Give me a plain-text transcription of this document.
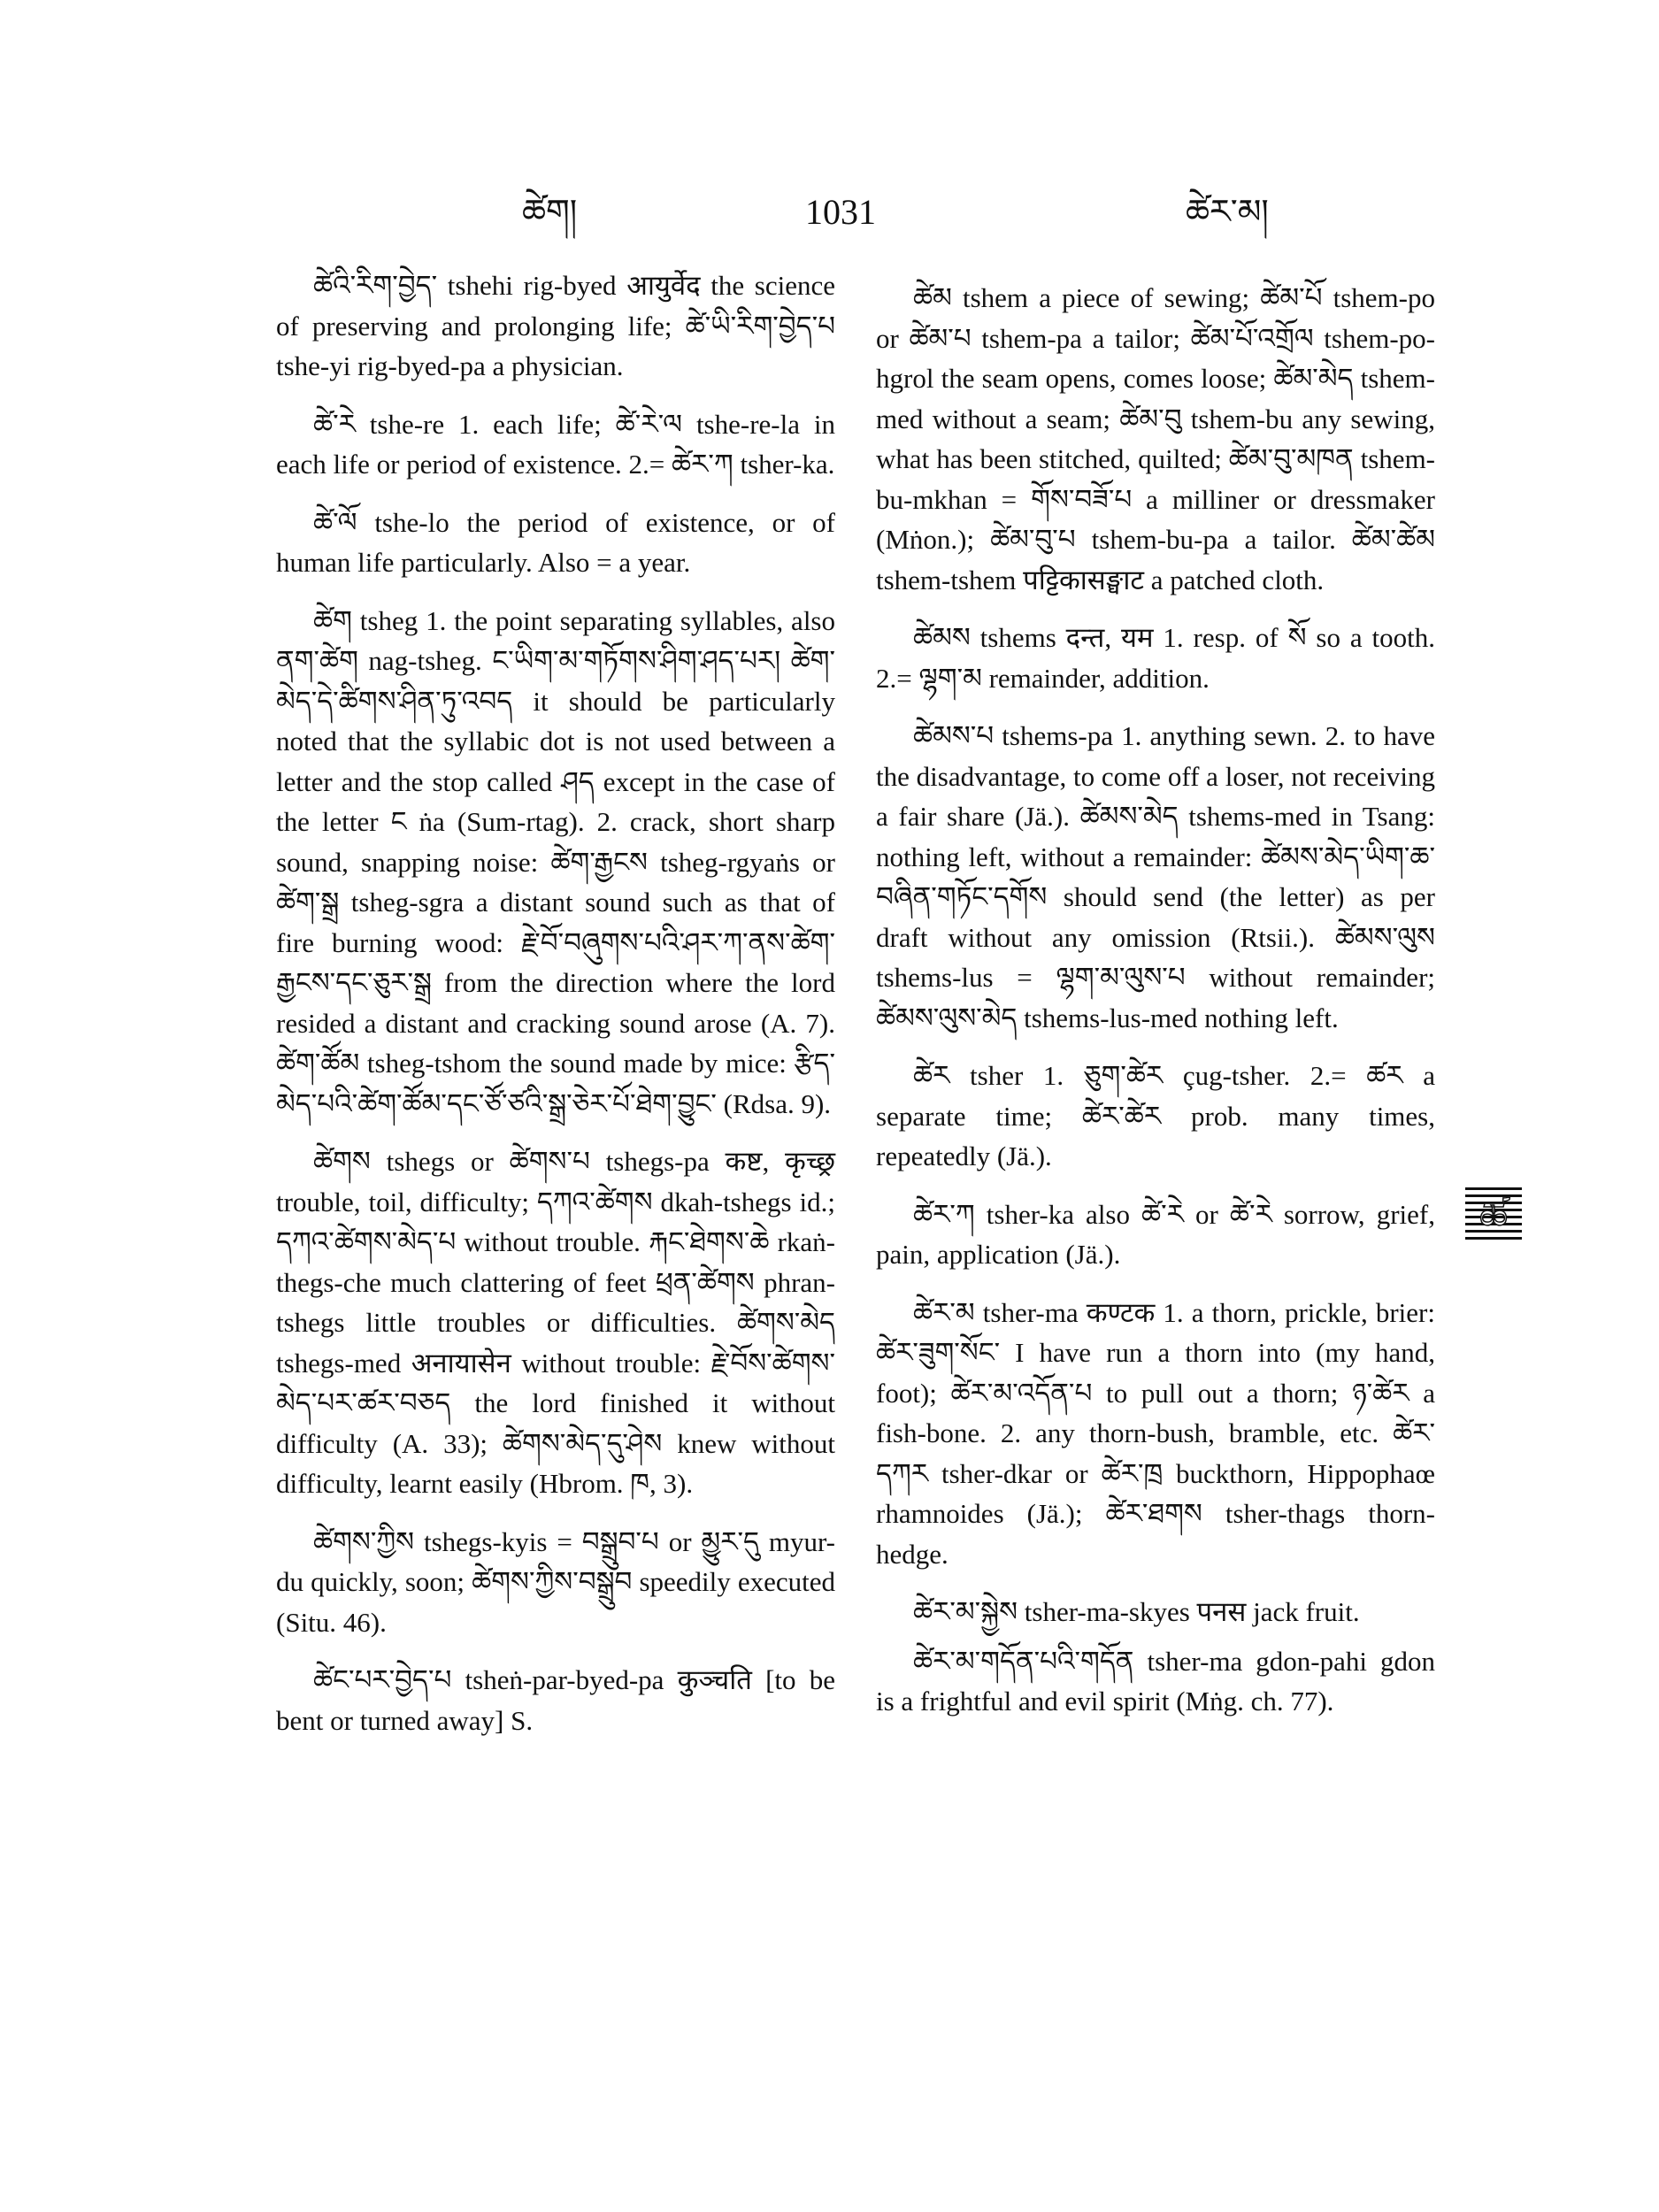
ཚེག།	1031	ཚེར་མ།

ཚེའི་རིག་བྱེད་ tshehi rig-byed आयुर्वेद the science of preserving and prolonging life; ཚེ་ཡི་རིག་བྱེད་པ tshe-yi rig-byed-pa a physician.

ཚེ་རེ tshe-re 1. each life; ཚེ་རེ་ལ tshe-re-la in each life or period of existence. 2.= ཚེར་ཀ tsher-ka.

ཚེ་ལོ tshe-lo the period of existence, or of human life particularly. Also = a year.

ཚེག tsheg 1. the point separating syllables, also ནག་ཚེག nag-tsheg. ང་ཡིག་མ་གཏོགས་ཤིག་ཤད་པར། ཚེག་མེད་དེ་ཚིགས་ཤིན་ཏུ་འབད it should be particularly noted that the syllabic dot is not used between a letter and the stop called ཤད except in the case of the letter ང ṅa (Sum-rtag). 2. crack, short sharp sound, snapping noise: ཚེག་རྒྱངས tsheg-rgyaṅs or ཚེག་སྒྲ tsheg-sgra a distant sound such as that of fire burning wood: རྗེ་བོ་བཞུགས་པའི་ཤར་ཀ་ནས་ཚེག་རྒྱངས་དང་ཅུར་སྒྲ from the direction where the lord resided a distant and cracking sound arose (A. 7). ཚེག་ཚོམ tsheg-tshom the sound made by mice: རྩིད་མེད་པའི་ཚེག་ཚོམ་དང་ཙོ་ཙའི་སྒྲ་ཅེར་པོ་ཐེག་བྱུང་ (Rdsa. 9).

ཚེགས tshegs or ཚེགས་པ tshegs-pa कष्ट, कृच्छ्र trouble, toil, difficulty; དཀའ་ཚེགས dkah-tshegs id.; དཀའ་ཚེགས་མེད་པ without trouble. རྐང་ཐེགས་ཆེ rkaṅ-thegs-che much clattering of feet ཕྲན་ཚེགས phran-tshegs little troubles or difficulties. ཚེགས་མེད tshegs-med अनायासेन without trouble: རྗེ་བོས་ཚེགས་མེད་པར་ཚར་བཅད the lord finished it without difficulty (A. 33); ཚེགས་མེད་དུ་ཤེས knew without difficulty, learnt easily (Hbrom. ཁ, 3).

ཚེགས་ཀྱིས tshegs-kyis = བསྒྲུབ་པ or མྱུར་དུ myur-du quickly, soon; ཚེགས་ཀྱིས་བསྒྲུབ speedily executed (Situ. 46).

ཚེང་པར་བྱེད་པ tsheṅ-par-byed-pa कुञ्चति [to be bent or turned away] S.

ཚེམ tshem a piece of sewing; ཚེམ་པོ tshem-po or ཚེམ་པ tshem-pa a tailor; ཚེམ་པོ་འགྲོལ tshem-po-hgrol the seam opens, comes loose; ཚེམ་མེད tshem-med without a seam; ཚེམ་བུ tshem-bu any sewing, what has been stitched, quilted; ཚེམ་བུ་མཁན tshem-bu-mkhan = གོས་བཟོ་པ a milliner or dressmaker (Mṅon.); ཚེམ་བུ་པ tshem-bu-pa a tailor. ཚེམ་ཚེམ tshem-tshem पट्टिकासङ्घाट a patched cloth.

ཚེམས tshems दन्त, यम 1. resp. of སོ so a tooth. 2.= ལྷག་མ remainder, addition.

ཚེམས་པ tshems-pa 1. anything sewn. 2. to have the disadvantage, to come off a loser, not receiving a fair share (Jä.). ཚེམས་མེད tshems-med in Tsang: nothing left, without a remainder: ཚེམས་མེད་ཡིག་ཆ་བཞིན་གཏོང་དགོས should send (the letter) as per draft without any omission (Rtsii.). ཚེམས་ལུས tshems-lus = ལྷག་མ་ལུས་པ without remainder; ཚེམས་ལུས་མེད tshems-lus-med nothing left.

ཚེར tsher 1. ཅུག་ཚེར çug-tsher. 2.= ཚར a separate time; ཚེར་ཚེར prob. many times, repeatedly (Jä.).

ཚེར་ཀ tsher-ka also ཚེ་རེ or ཚེ་རེ sorrow, grief, pain, application (Jä.).

ཚེར་མ tsher-ma कण्टक 1. a thorn, prickle, brier: ཚེར་ཟུག་སོང་ I have run a thorn into (my hand, foot); ཚེར་མ་འདོན་པ to pull out a thorn; ཉ་ཚེར a fish-bone. 2. any thorn-bush, bramble, etc. ཚེར་དཀར tsher-dkar or ཚེར་ཁྲ buckthorn, Hippophaœ rhamnoides (Jä.); ཚེར་ཐགས tsher-thags thorn-hedge.

ཚེར་མ་སྐྱེས tsher-ma-skyes पनस jack fruit.

ཚེར་མ་གདོན་པའི་གདོན tsher-ma gdon-pahi gdon is a frightful and evil spirit (Mṅg. ch. 77).

ཚ
